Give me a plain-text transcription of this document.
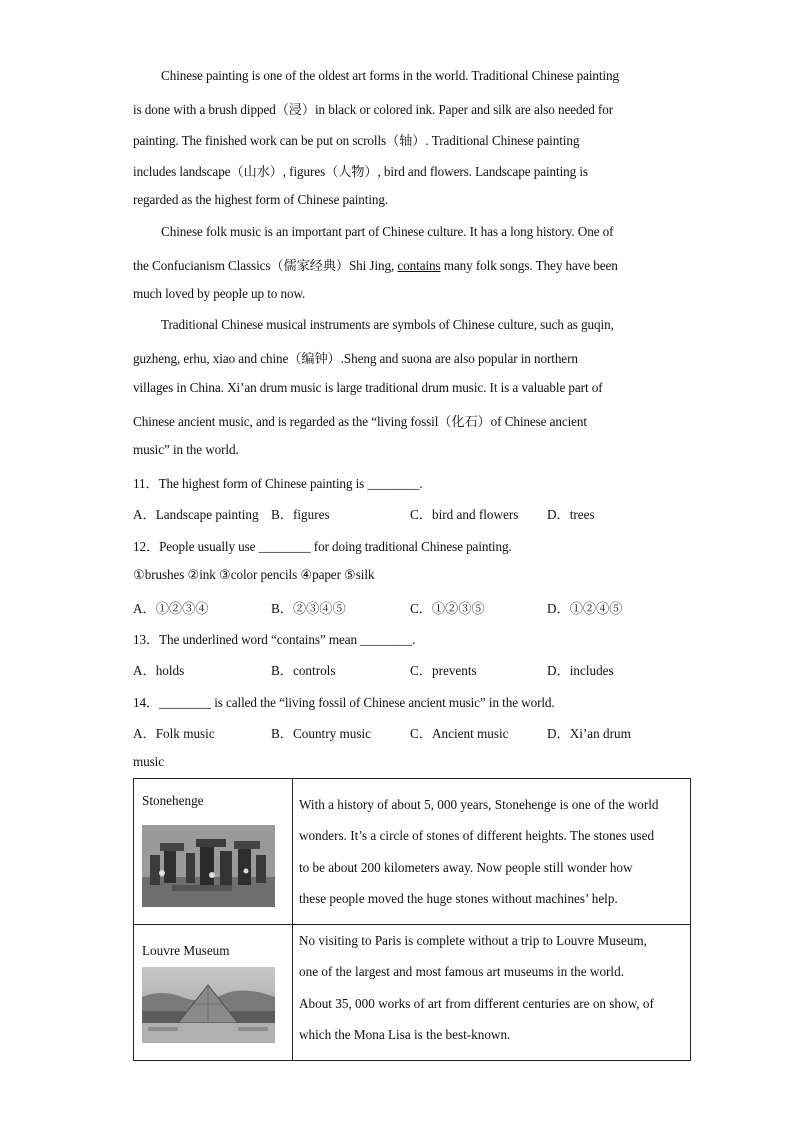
Chinese painting is one of the oldest art forms in the world. Traditional Chinese painting
is done with a brush dipped（浸）in black or colored ink. Paper and silk are also needed for
painting. The finished work can be put on scrolls（轴）. Traditional Chinese painting
includes landscape（山水）, figures（人物）, bird and flowers. Landscape painting is
regarded as the highest form of Chinese painting.
Chinese folk music is an important part of Chinese culture. It has a long history. One of
the Confucianism Classics（儒家经典）Shi Jing, contains many folk songs. They have been
much loved by people up to now.
Traditional Chinese musical instruments are symbols of Chinese culture, such as guqin,
guzheng, erhu, xiao and chine（编钟）.Sheng and suona are also popular in northern
villages in China. Xi’an drum music is large traditional drum music. It is a valuable part of
Chinese ancient music, and is regarded as the “living fossil（化石）of Chinese ancient
music” in the world.
11．The highest form of Chinese painting is ________.
A．Landscape painting B．figures	C．bird and flowers D．trees
12．People usually use ________ for doing traditional Chinese painting.
①brushes ②ink ③color pencils ④paper ⑤silk
A．①②③④	B．②③④⑤	C．①②③⑤	D．①②④⑤
13．The underlined word “contains” mean ________.
A．holds	B．controls	C．prevents	D．includes
14．________ is called the “living fossil of Chinese ancient music” in the world.
A．Folk music	B．Country music	C．Ancient music	D．Xi’an drum
music
Stonehenge	With a history of about 5, 000 years, Stonehenge is one of the world
wonders. It’s a circle of stones of different heights. The stones used
to be about 200 kilometers away. Now people still wonder how
these people moved the huge stones without machines’ help.

Louvre Museum	No visiting to Paris is complete without a trip to Louvre Museum,
one of the largest and most famous art museums in the world.
About 35, 000 works of art from different centuries are on show, of
which the Mona Lisa is the best-known.
